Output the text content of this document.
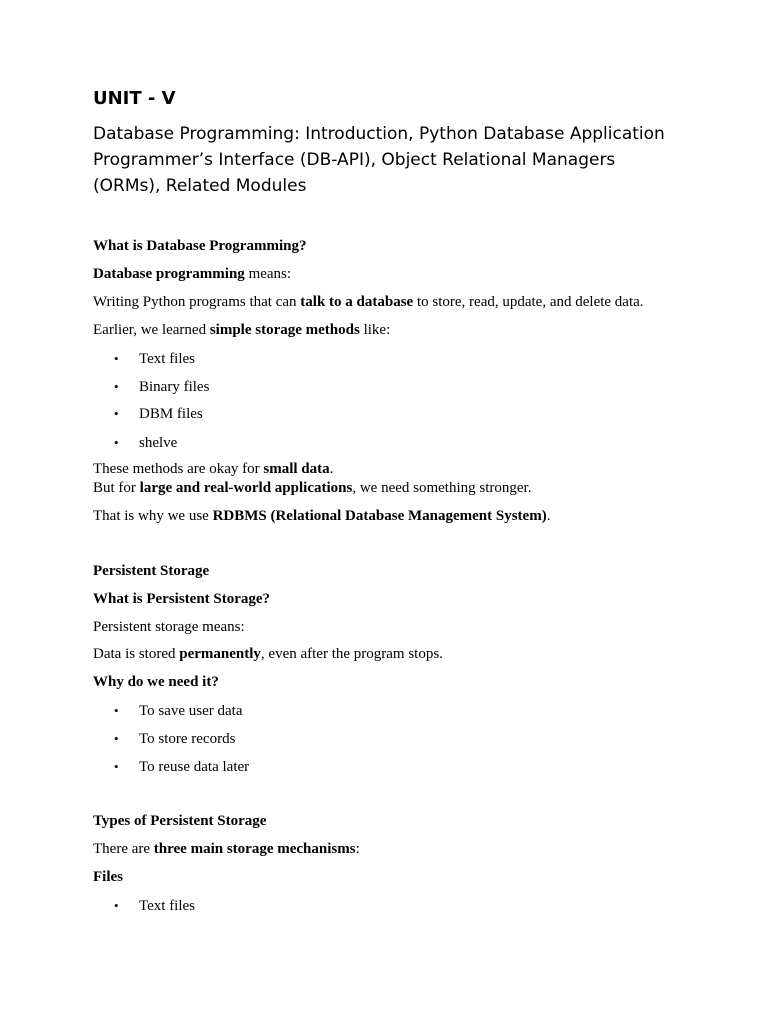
UNIT - V
Database Programming: Introduction, Python Database Application
Programmer’s Interface (DB-API), Object Relational Managers
(ORMs), Related Modules

What is Database Programming?

Database programming means:

Writing Python programs that can talk to a database to store, read, update, and delete data.

Earlier, we learned simple storage methods like:

• Text files
• Binary files
• DBM files
• shelve

These methods are okay for small data.

But for large and real-world applications, we need something stronger.

That is why we use RDBMS (Relational Database Management System).

Persistent Storage

What is Persistent Storage?

Persistent storage means:

Data is stored permanently, even after the program stops.

Why do we need it?

• To save user data
• To store records
• To reuse data later

Types of Persistent Storage

There are three main storage mechanisms:

Files

• Text files
